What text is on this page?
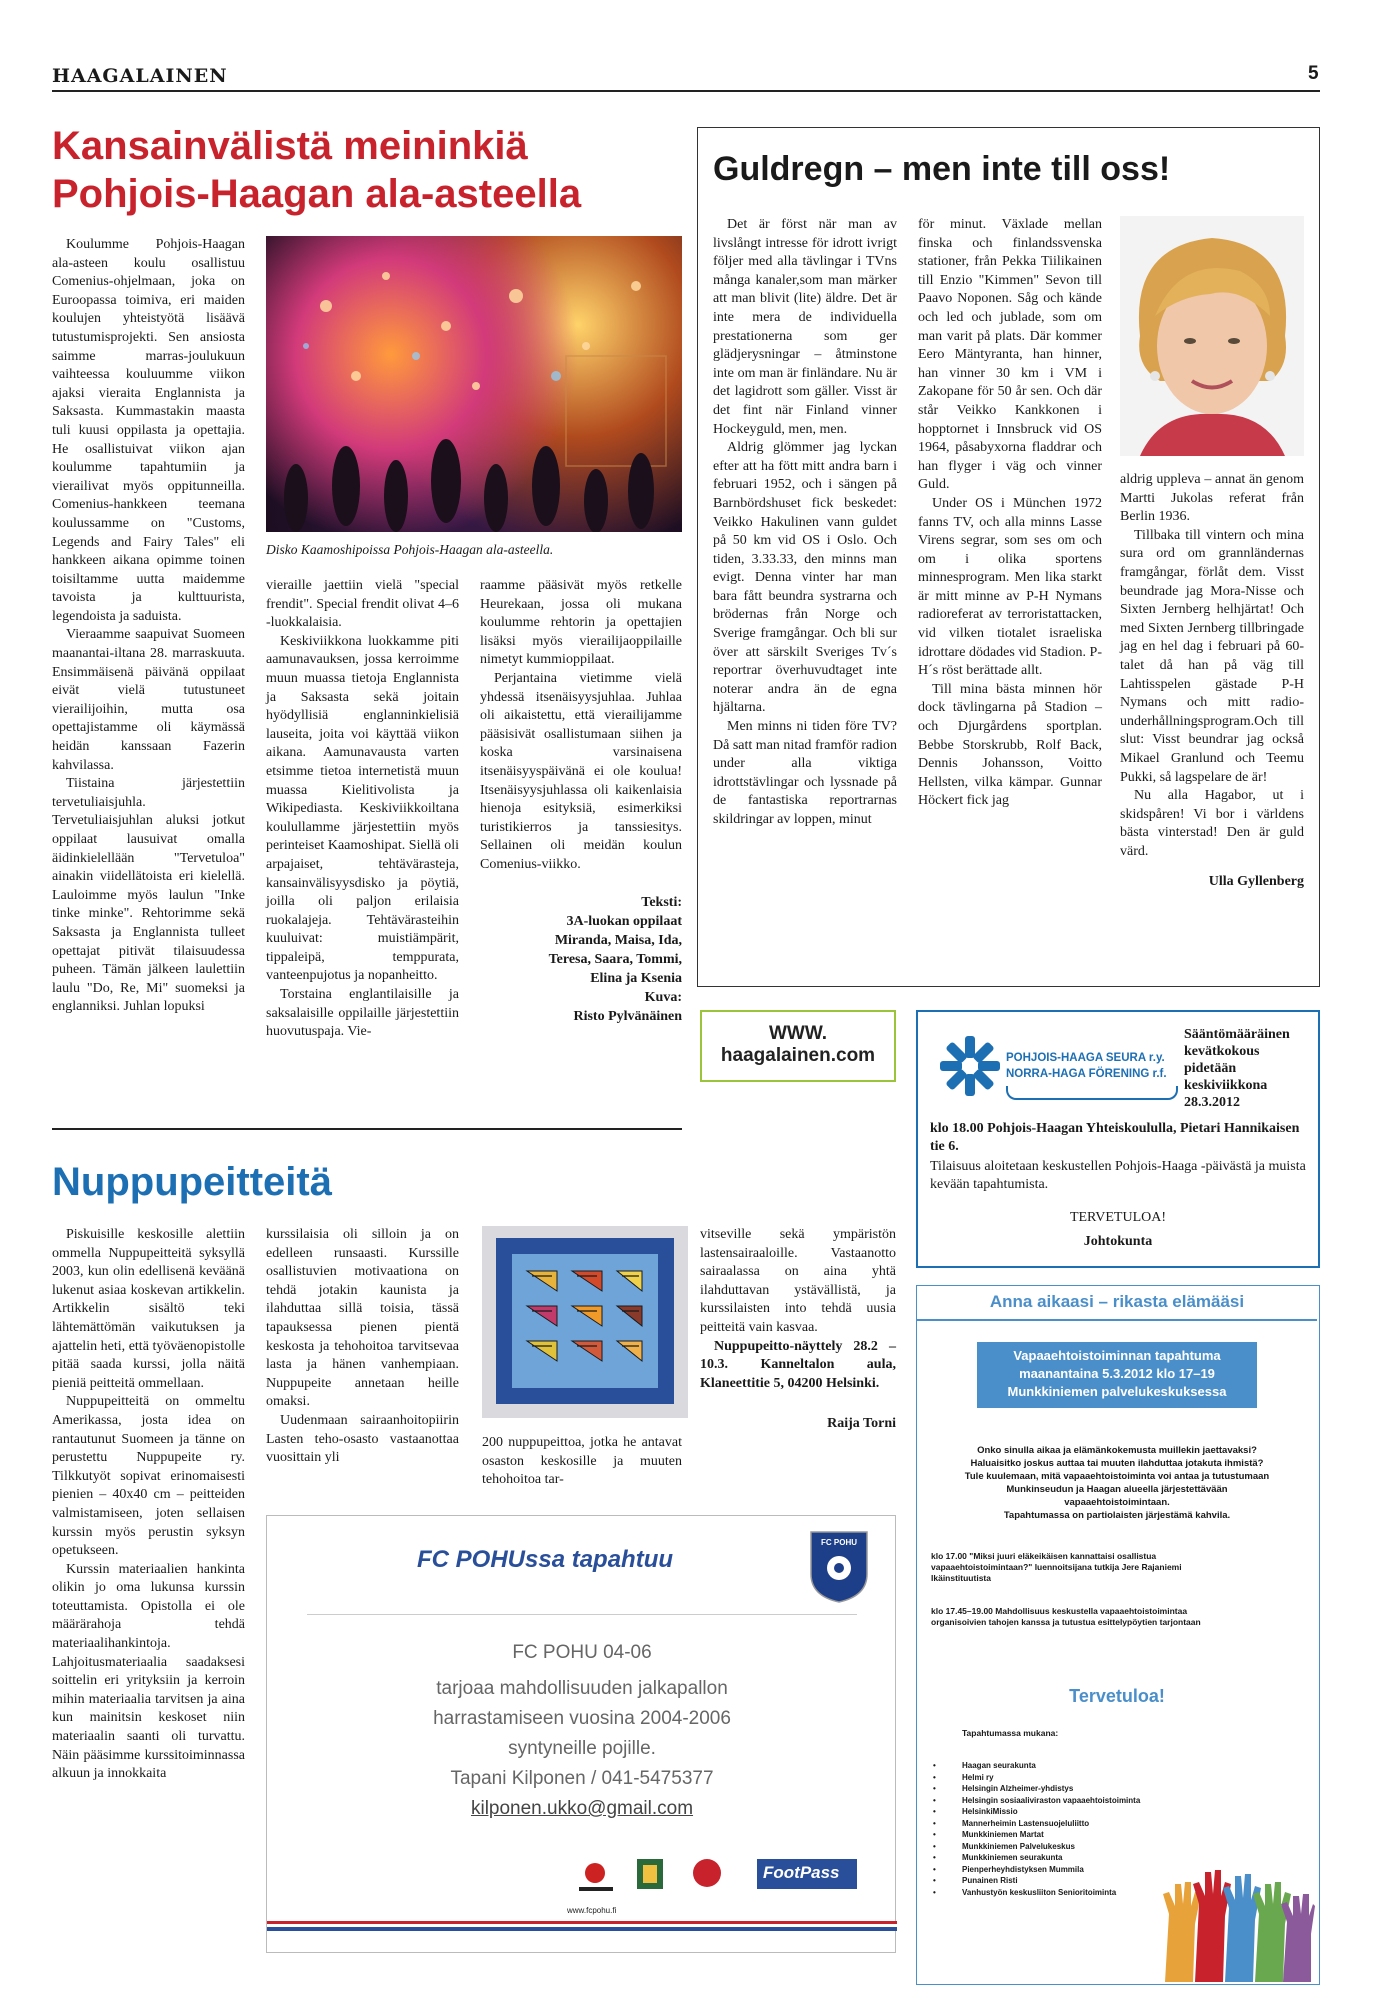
HAAGALAINEN	5
Kansainvälistä meininkiä
Pohjois-Haagan ala-asteella

Koulumme Pohjois-Haagan ala-asteen koulu osallistuu Comenius-ohjelmaan, joka on Euroopassa toimiva, eri maiden koulujen yhteistyötä lisäävä tutustumisprojekti. Sen ansiosta saimme marras-joulukuun vaihteessa kouluumme viikon ajaksi vieraita Englannista ja Saksasta. Kummastakin maasta tuli kuusi oppilasta ja opettajia. He osallistuivat viikon ajan koulumme tapahtumiin ja vierailivat myös oppitunneilla. Comenius-hankkeen teemana koulussamme on "Customs, Legends and Fairy Tales" eli hankkeen aikana opimme toinen toisiltamme uutta maidemme tavoista ja kulttuurista, legendoista ja saduista.

Vieraamme saapuivat Suomeen maanantai-iltana 28. marraskuuta. Ensimmäisenä päivänä oppilaat eivät vielä tutustuneet vierailijoihin, mutta osa opettajistamme oli käymässä heidän kanssaan Fazerin kahvilassa.

Tiistaina järjestettiin tervetuliaisjuhla. Tervetuliaisjuhlan aluksi jotkut oppilaat lausuivat omalla äidinkielellään "Tervetuloa" ainakin viidellätoista eri kielellä. Lauloimme myös laulun "Inke tinke minke". Rehtorimme sekä Saksasta ja Englannista tulleet opettajat pitivät tilaisuudessa puheen. Tämän jälkeen laulettiin laulu "Do, Re, Mi" suomeksi ja englanniksi. Juhlan lopuksi

Disko Kaamoshipoissa Pohjois-Haagan ala-asteella.

vieraille jaettiin vielä "special frendit". Special frendit olivat 4–6 -luokkalaisia.

Keskiviikkona luokkamme piti aamunavauksen, jossa kerroimme muun muassa tietoja Englannista ja Saksasta sekä joitain hyödyllisiä englanninkielisiä lauseita, joita voi käyttää viikon aikana. Aamunavausta varten etsimme tietoa internetistä muun muassa Kielitivolista ja Wikipediasta. Keskiviikkoiltana koulullamme järjestettiin myös perinteiset Kaamoshipat. Siellä oli arpajaiset, tehtävärasteja, kansainvälisyysdisko ja pöytiä, joilla oli paljon erilaisia ruokalajeja. Tehtävärasteihin kuuluivat: muistiämpärit, tippaleipä, temppurata, vanteenpujotus ja nopanheitto.

Torstaina englantilaisille ja saksalaisille oppilaille järjestettiin huovutuspaja. Vie-

raamme pääsivät myös retkelle Heurekaan, jossa oli mukana koulumme rehtorin ja opettajien lisäksi myös vierailijaoppilaille nimetyt kummioppilaat.

Perjantaina vietimme vielä yhdessä itsenäisyysjuhlaa. Juhlaa oli aikaistettu, että vierailijamme pääsisivät osallistumaan siihen ja koska varsinaisena itsenäisyyspäivänä ei ole koulua! Itsenäisyysjuhlassa oli kaikenlaisia hienoja esityksiä, esimerkiksi turistikierros ja tanssiesitys. Sellainen oli meidän koulun Comenius-viikko.

Teksti:
3A-luokan oppilaat
Miranda, Maisa, Ida,
Teresa, Saara, Tommi,
Elina ja Ksenia
Kuva:
Risto Pylvänäinen
Guldregn – men inte till oss!

Det är först när man av livslångt intresse för idrott ivrigt följer med alla tävlingar i TVns många kanaler,som man märker att man blivit (lite) äldre. Det är inte mera de individuella prestationerna som ger glädjerysningar – åtminstone inte om man är finländare. Nu är det lagidrott som gäller. Visst är det fint när Finland vinner Hockeyguld, men, men.

Aldrig glömmer jag lyckan efter att ha fött mitt andra barn i februari 1952, och i sängen på Barnbördshuset fick beskedet: Veikko Hakulinen vann guldet på 50 km vid OS i Oslo. Och tiden, 3.33.33, den minns man evigt. Denna vinter har man bara fått beundra systrarna och brödernas från Norge och Sverige framgångar. Och bli sur över att särskilt Sveriges Tv´s reportrar överhuvudtaget inte noterar andra än de egna hjältarna.

Men minns ni tiden före TV? Då satt man nitad framför radion under alla viktiga idrottstävlingar och lyssnade på de fantastiska reportrarnas skildringar av loppen, minut

för minut. Växlade mellan finska och finlandssvenska stationer, från Pekka Tiilikainen till Enzio "Kimmen" Sevon till Paavo Noponen. Såg och kände och led och jublade, som om man varit på plats. Där kommer Eero Mäntyranta, han hinner, han vinner 30 km i VM i Zakopane för 50 år sen. Och där står Veikko Kankkonen i hopptornet i Innsbruck vid OS 1964, påsabyxorna fladdrar och han flyger i väg och vinner Guld.

Under OS i München 1972 fanns TV, och alla minns Lasse Virens segrar, som ses om och om i olika sportens minnesprogram. Men lika starkt är mitt minne av P-H Nymans radioreferat av terroristattacken, vid vilken tiotalet israeliska idrottare dödades vid Stadion. P-H´s röst berättade allt.

Till mina bästa minnen hör dock tävlingarna på Stadion – och Djurgårdens sportplan. Bebbe Storskrubb, Rolf Back, Dennis Johansson, Voitto Hellsten, vilka kämpar. Gunnar Höckert fick jag

aldrig uppleva – annat än genom Martti Jukolas referat från Berlin 1936.

Tillbaka till vintern och mina sura ord om grannländernas framgångar, förlåt dem. Visst beundrade jag Mora-Nisse och Sixten Jernberg helhjärtat! Och med Sixten Jernberg tillbringade jag en hel dag i februari på 60-talet då han på väg till Lahtisspelen gästade P-H Nymans och mitt radio-underhållningsprogram.Och till slut: Visst beundrar jag också Mikael Granlund och Teemu Pukki, så lagspelare de är!

Nu alla Hagabor, ut i skidspåren! Vi bor i världens bästa vinterstad! Den är guld värd.

Ulla Gyllenberg
WWW.
haagalainen.com	POHJOIS-HAAGA SEURA r.y.
NORRA-HAGA FÖRENING r.f.
Sääntömääräinen kevätkokous pidetään keskiviikkona 28.3.2012
klo 18.00 Pohjois-Haagan Yhteiskoululla, Pietari Hannikaisen tie 6.
Tilaisuus aloitetaan keskustellen Pohjois-Haaga -päivästä ja muista kevään tapahtumista.
TERVETULOA!
Johtokunta
Nuppupeitteitä

Piskuisille keskosille alettiin ommella Nuppupeitteitä syksyllä 2003, kun olin edellisenä keväänä lukenut asiaa koskevan artikkelin. Artikkelin sisältö teki lähtemättömän vaikutuksen ja ajattelin heti, että työväenopistolle pitää saada kurssi, jolla näitä pieniä peitteitä ommellaan.

Nuppupeitteitä on ommeltu Amerikassa, josta idea on rantautunut Suomeen ja tänne on perustettu Nuppupeite ry. Tilkkutyöt sopivat erinomaisesti pienien – 40x40 cm – peitteiden valmistamiseen, joten sellaisen kurssin myös perustin syksyn opetukseen.

Kurssin materiaalien hankinta olikin jo oma lukunsa kurssin toteuttamista. Opistolla ei ole määrärahoja tehdä materiaalihankintoja. Lahjoitusmateriaalia saadaksesi soittelin eri yrityksiin ja kerroin mihin materiaalia tarvitsen ja aina kun mainitsin keskoset niin materiaalin saanti oli turvattu. Näin pääsimme kurssitoiminnassa alkuun ja innokkaita

kurssilaisia oli silloin ja on edelleen runsaasti. Kurssille osallistuvien motivaationa on tehdä jotakin kaunista ja ilahduttaa sillä toisia, tässä tapauksessa pienen pientä keskosta ja tehohoitoa tarvitsevaa lasta ja hänen vanhempiaan. Nuppupeite annetaan heille omaksi.

Uudenmaan sairaanhoitopiirin Lasten teho-osasto vastaanottaa vuosittain yli

200 nuppupeittoa, jotka he antavat osaston keskosille ja muuten tehohoitoa tar-

vitseville sekä ympäristön lastensairaaloille. Vastaanotto sairaalassa on aina yhtä ilahduttavan ystävällistä, ja kurssilaisten into tehdä uusia peitteitä vain kasvaa.

Nuppupeitto-näyttely 28.2 – 10.3. Kanneltalon aula, Klaneettitie 5, 04200 Helsinki.

Raija Torni
FC POHUssa tapahtuu
FC POHU
FC POHU 04-06
tarjoaa mahdollisuuden jalkapallon
harrastamiseen vuosina 2004-2006
syntyneille pojille.
Tapani Kilponen / 041-5475377
kilponen.ukko@gmail.com
FootPass
www.fcpohu.fi
Anna aikaasi – rikasta elämääsi
Vapaaehtoistoiminnan tapahtuma
maanantaina 5.3.2012 klo 17–19
Munkkiniemen palvelukeskuksessa
Onko sinulla aikaa ja elämänkokemusta muillekin jaettavaksi?
Haluaisitko joskus auttaa tai muuten ilahduttaa jotakuta ihmistä?
Tule kuulemaan, mitä vapaaehtoistoiminta voi antaa ja tutustumaan
Munkinseudun ja Haagan alueella järjestettävään
vapaaehtoistoimintaan.
Tapahtumassa on partiolaisten järjestämä kahvila.
klo 17.00 "Miksi juuri eläkeikäisen kannattaisi osallistua vapaaehtoistoimintaan?" luennoitsijana tutkija Jere Rajaniemi Ikäinstituutista
klo 17.45–19.00 Mahdollisuus keskustella vapaaehtoistoimintaa organisoivien tahojen kanssa ja tutustua esittelypöytien tarjontaan
Tervetuloa!
Tapahtumassa mukana:
• Haagan seurakunta
• Helmi ry
• Helsingin Alzheimer-yhdistys
• Helsingin sosiaaliviraston vapaaehtoistoiminta
• HelsinkiMissio
• Mannerheimin Lastensuojeluliitto
• Munkkiniemen Martat
• Munkkiniemen Palvelukeskus
• Munkkiniemen seurakunta
• Pienperheyhdistyksen Mummila
• Punainen Risti
• Vanhustyön keskusliiton Senioritoiminta
